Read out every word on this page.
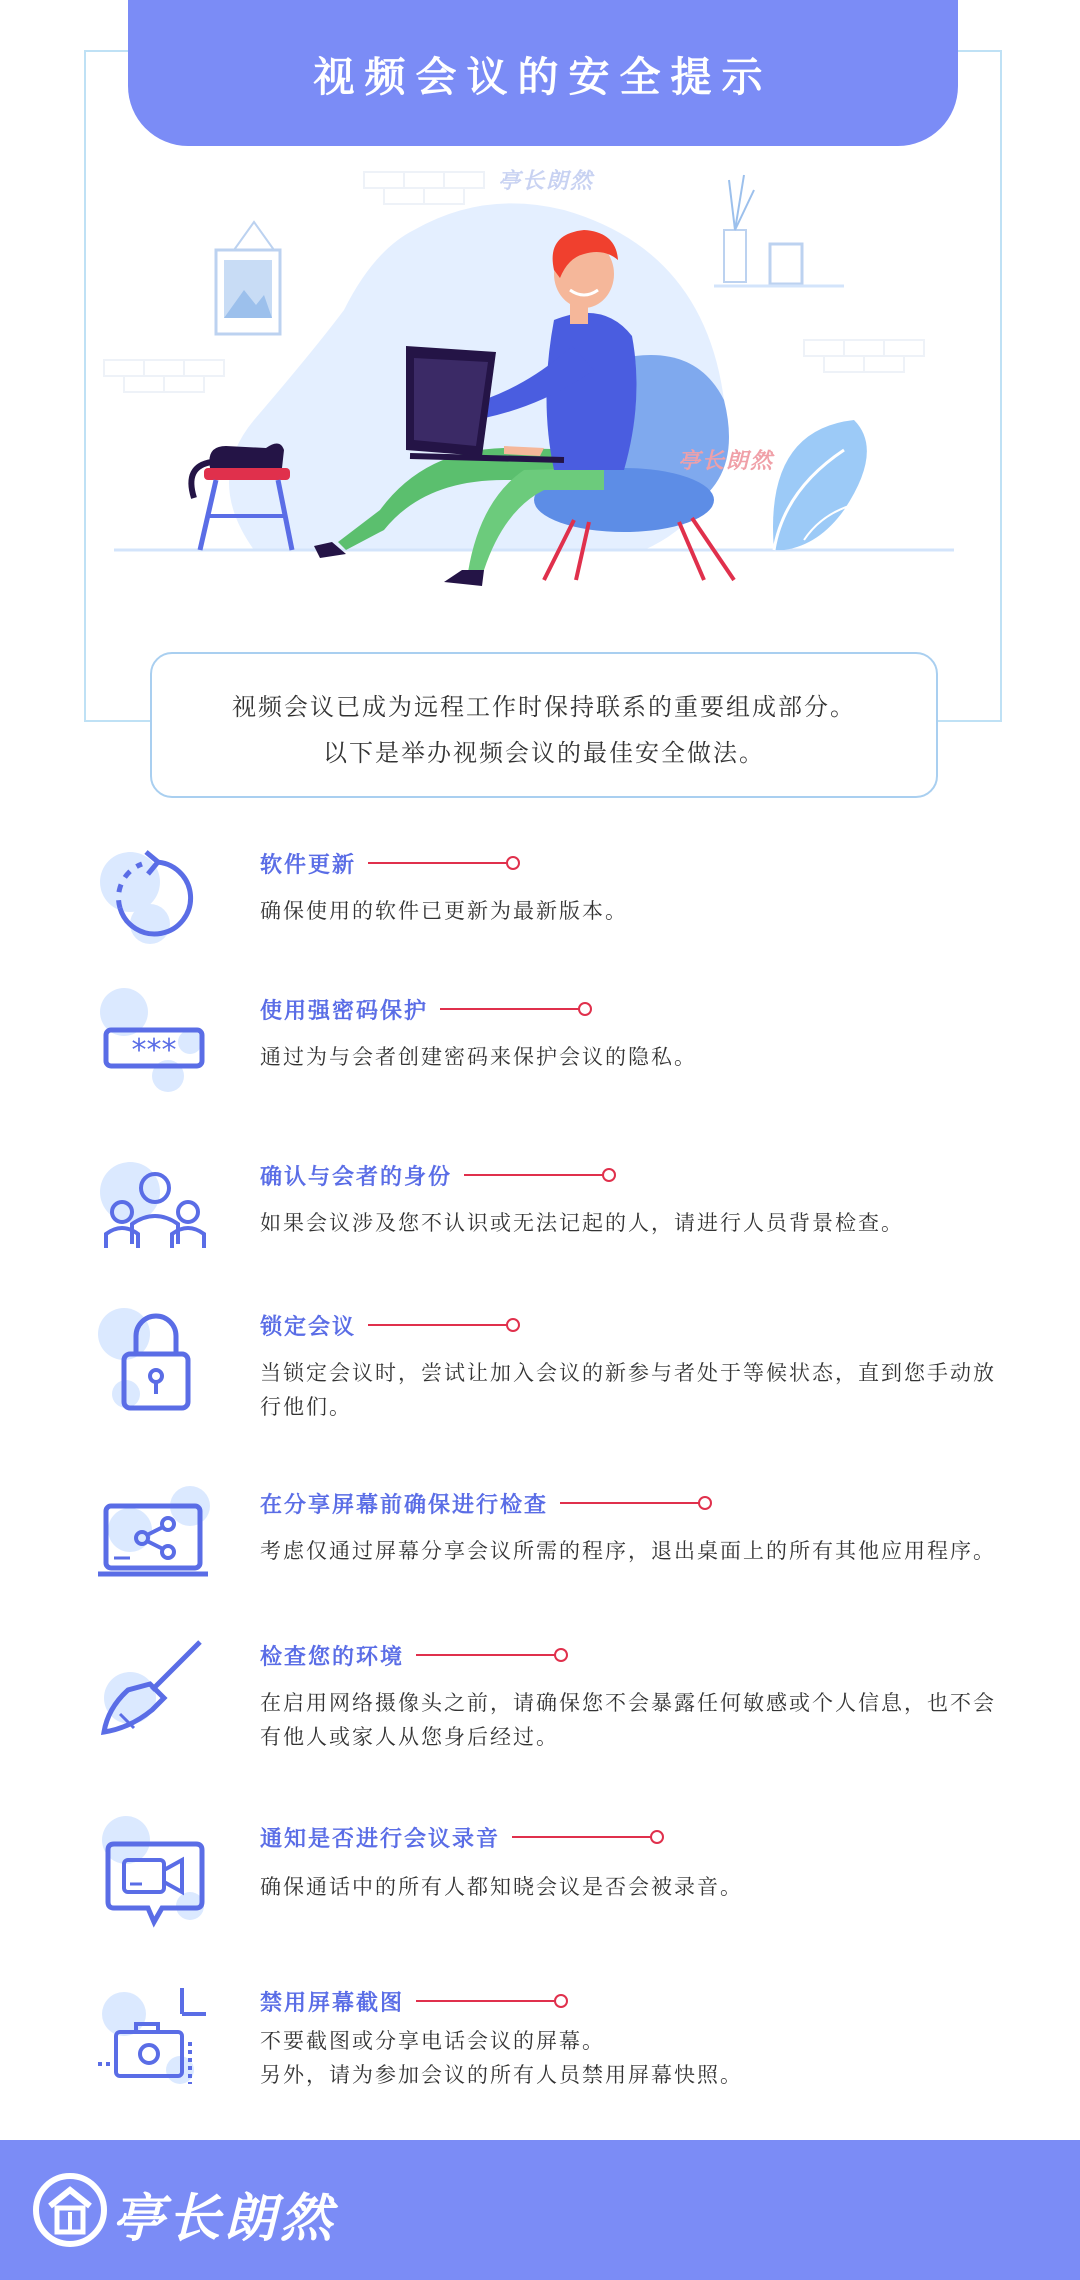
视频会议的安全提示
亭长朗然
亭长朗然
视频会议已成为远程工作时保持联系的重要组成部分。
以下是举办视频会议的最佳安全做法。
软件更新
确保使用的软件已更新为最新版本。
***
使用强密码保护
通过为与会者创建密码来保护会议的隐私。
确认与会者的身份
如果会议涉及您不认识或无法记起的人，请进行人员背景检查。
锁定会议
当锁定会议时，尝试让加入会议的新参与者处于等候状态，直到您手动放行他们。
在分享屏幕前确保进行检查
考虑仅通过屏幕分享会议所需的程序，退出桌面上的所有其他应用程序。
检查您的环境
在启用网络摄像头之前，请确保您不会暴露任何敏感或个人信息，也不会有他人或家人从您身后经过。
通知是否进行会议录音
确保通话中的所有人都知晓会议是否会被录音。
禁用屏幕截图
不要截图或分享电话会议的屏幕。
另外，请为参加会议的所有人员禁用屏幕快照。
亭长朗然
